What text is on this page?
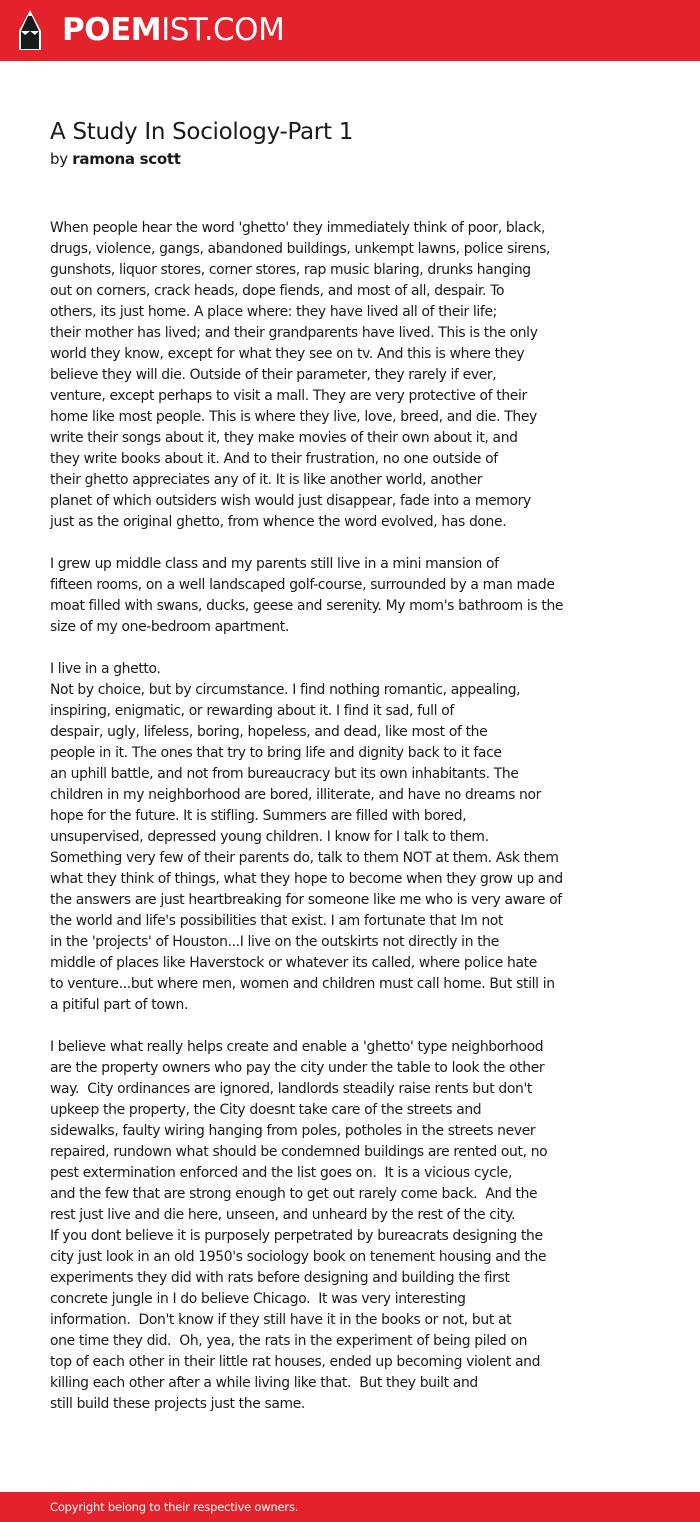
POEMIST.COM
A Study In Sociology-Part 1
by ramona scott
When people hear the word 'ghetto' they immediately think of poor, black,
drugs, violence, gangs, abandoned buildings, unkempt lawns, police sirens,
gunshots, liquor stores, corner stores, rap music blaring, drunks hanging
out on corners, crack heads, dope fiends, and most of all, despair. To
others, its just home. A place where: they have lived all of their life;
their mother has lived; and their grandparents have lived. This is the only
world they know, except for what they see on tv. And this is where they
believe they will die. Outside of their parameter, they rarely if ever,
venture, except perhaps to visit a mall. They are very protective of their
home like most people. This is where they live, love, breed, and die. They
write their songs about it, they make movies of their own about it, and
they write books about it. And to their frustration, no one outside of
their ghetto appreciates any of it. It is like another world, another
planet of which outsiders wish would just disappear, fade into a memory
just as the original ghetto, from whence the word evolved, has done.
I grew up middle class and my parents still live in a mini mansion of
fifteen rooms, on a well landscaped golf-course, surrounded by a man made
moat filled with swans, ducks, geese and serenity. My mom's bathroom is the
size of my one-bedroom apartment.
I live in a ghetto.
Not by choice, but by circumstance. I find nothing romantic, appealing,
inspiring, enigmatic, or rewarding about it. I find it sad, full of
despair, ugly, lifeless, boring, hopeless, and dead, like most of the
people in it. The ones that try to bring life and dignity back to it face
an uphill battle, and not from bureaucracy but its own inhabitants. The
children in my neighborhood are bored, illiterate, and have no dreams nor
hope for the future. It is stifling. Summers are filled with bored,
unsupervised, depressed young children. I know for I talk to them.
Something very few of their parents do, talk to them NOT at them. Ask them
what they think of things, what they hope to become when they grow up and
the answers are just heartbreaking for someone like me who is very aware of
the world and life's possibilities that exist. I am fortunate that Im not
in the 'projects' of Houston...I live on the outskirts not directly in the
middle of places like Haverstock or whatever its called, where police hate
to venture...but where men, women and children must call home. But still in
a pitiful part of town.
I believe what really helps create and enable a 'ghetto' type neighborhood
are the property owners who pay the city under the table to look the other
way.  City ordinances are ignored, landlords steadily raise rents but don't
upkeep the property, the City doesnt take care of the streets and
sidewalks, faulty wiring hanging from poles, potholes in the streets never
repaired, rundown what should be condemned buildings are rented out, no
pest extermination enforced and the list goes on.  It is a vicious cycle,
and the few that are strong enough to get out rarely come back.  And the
rest just live and die here, unseen, and unheard by the rest of the city.
If you dont believe it is purposely perpetrated by bureacrats designing the
city just look in an old 1950's sociology book on tenement housing and the
experiments they did with rats before designing and building the first
concrete jungle in I do believe Chicago.  It was very interesting
information.  Don't know if they still have it in the books or not, but at
one time they did.  Oh, yea, the rats in the experiment of being piled on
top of each other in their little rat houses, ended up becoming violent and
killing each other after a while living like that.  But they built and
still build these projects just the same.
Copyright belong to their respective owners.
